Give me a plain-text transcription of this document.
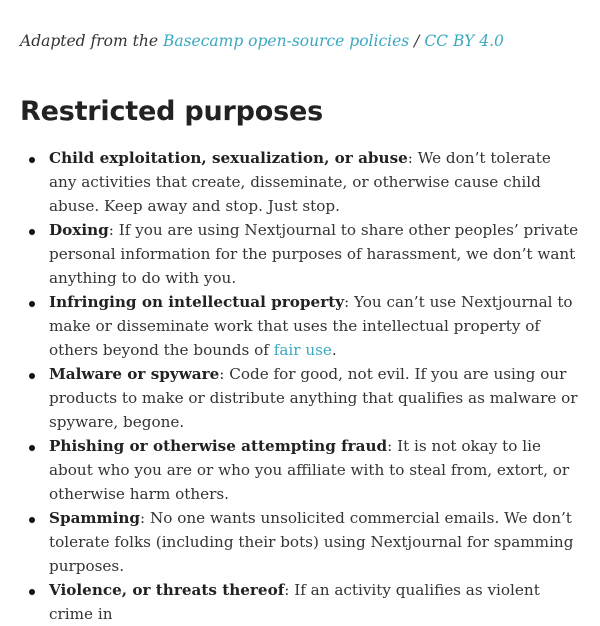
Adapted from the Basecamp open-source policies / CC BY 4.0
Restricted purposes
Child exploitation, sexualization, or abuse: We don’t tolerate any activities that create, disseminate, or otherwise cause child abuse. Keep away and stop. Just stop.
Doxing: If you are using Nextjournal to share other peoples’ private personal information for the purposes of harassment, we don’t want anything to do with you.
Infringing on intellectual property: You can’t use Nextjournal to make or disseminate work that uses the intellectual property of others beyond the bounds of fair use.
Malware or spyware: Code for good, not evil. If you are using our products to make or distribute anything that qualifies as malware or spyware, begone.
Phishing or otherwise attempting fraud: It is not okay to lie about who you are or who you affiliate with to steal from, extort, or otherwise harm others.
Spamming: No one wants unsolicited commercial emails. We don’t tolerate folks (including their bots) using Nextjournal for spamming purposes.
Violence, or threats thereof: If an activity qualifies as violent crime in
